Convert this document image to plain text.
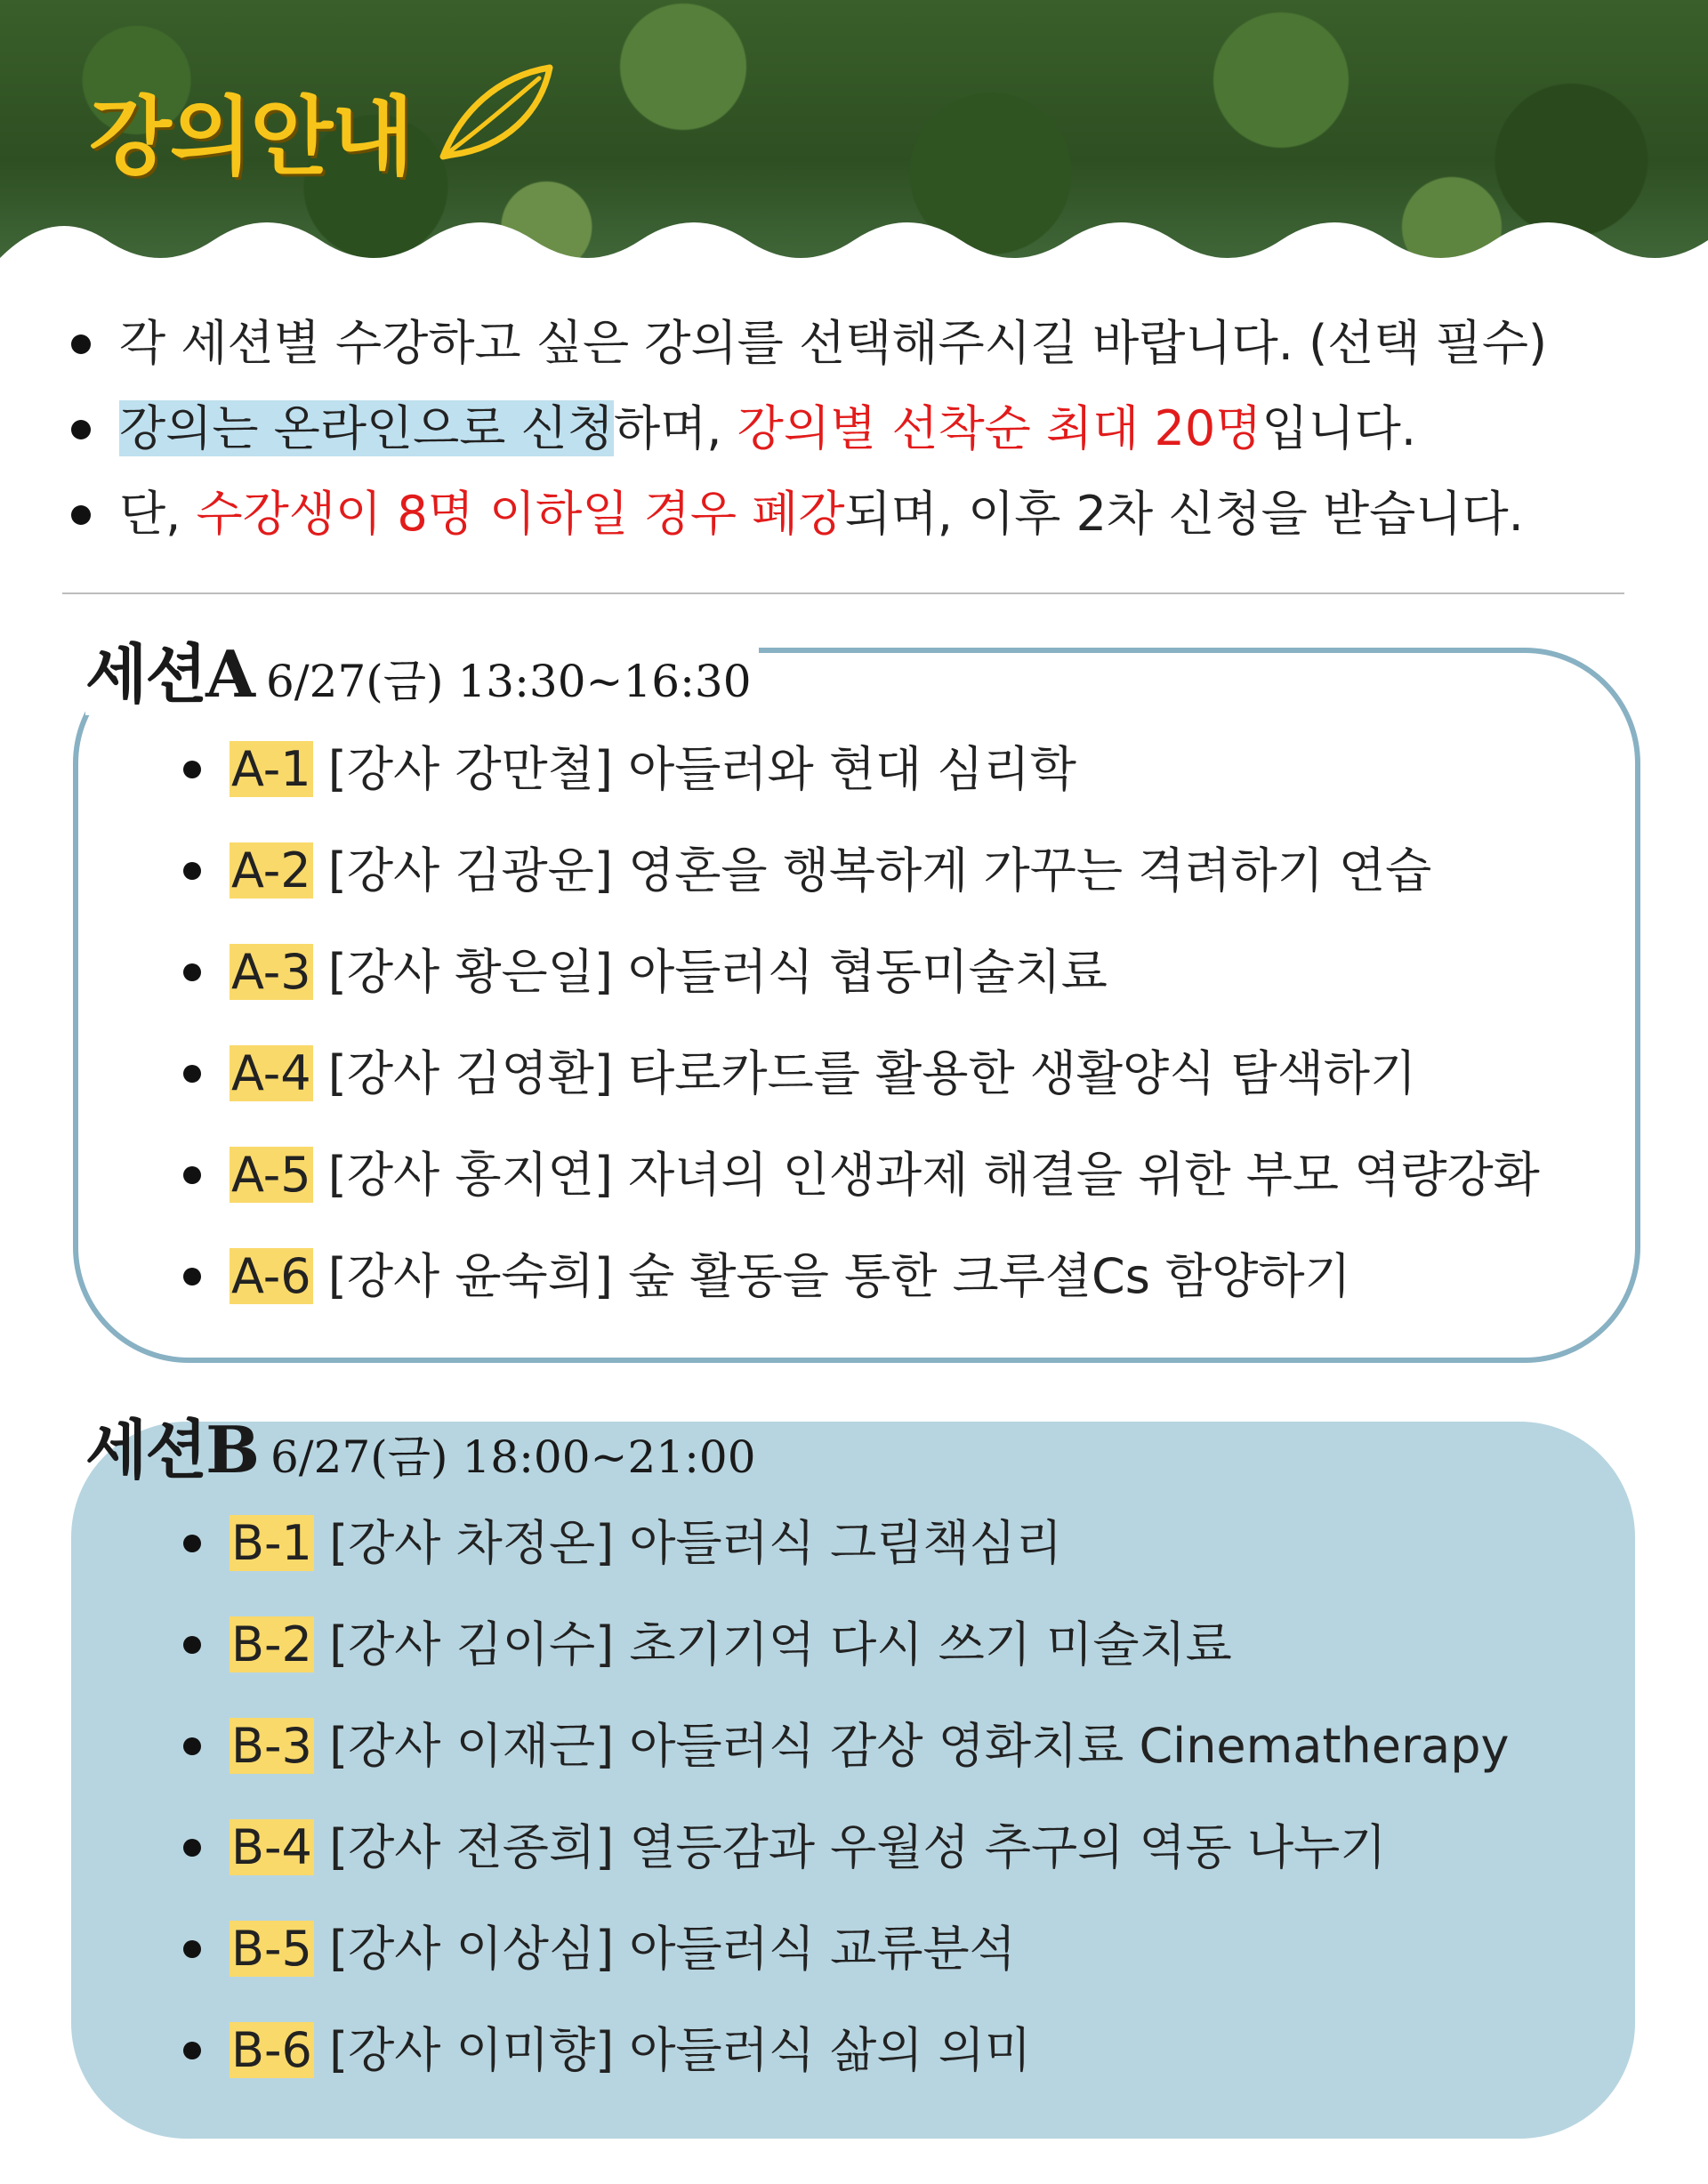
강의안내
각 세션별 수강하고 싶은 강의를 선택해주시길 바랍니다. (선택 필수)
강의는 온라인으로 신청하며, 강의별 선착순 최대 20명입니다.
단, 수강생이 8명 이하일 경우 폐강되며, 이후 2차 신청을 받습니다.
세션A 6/27(금) 13:30~16:30
A-1 [강사 강만철] 아들러와 현대 심리학
A-2 [강사 김광운] 영혼을 행복하게 가꾸는 격려하기 연습
A-3 [강사 황은일] 아들러식 협동미술치료
A-4 [강사 김영환] 타로카드를 활용한 생활양식 탐색하기
A-5 [강사 홍지연] 자녀의 인생과제 해결을 위한 부모 역량강화
A-6 [강사 윤숙희] 숲 활동을 통한 크루셜Cs 함양하기
세션B 6/27(금) 18:00~21:00
B-1 [강사 차정온] 아들러식 그림책심리
B-2 [강사 김이수] 초기기억 다시 쓰기 미술치료
B-3 [강사 이재근] 아들러식 감상 영화치료 Cinematherapy
B-4 [강사 전종희] 열등감과 우월성 추구의 역동 나누기
B-5 [강사 이상심] 아들러식 교류분석
B-6 [강사 이미향] 아들러식 삶의 의미
